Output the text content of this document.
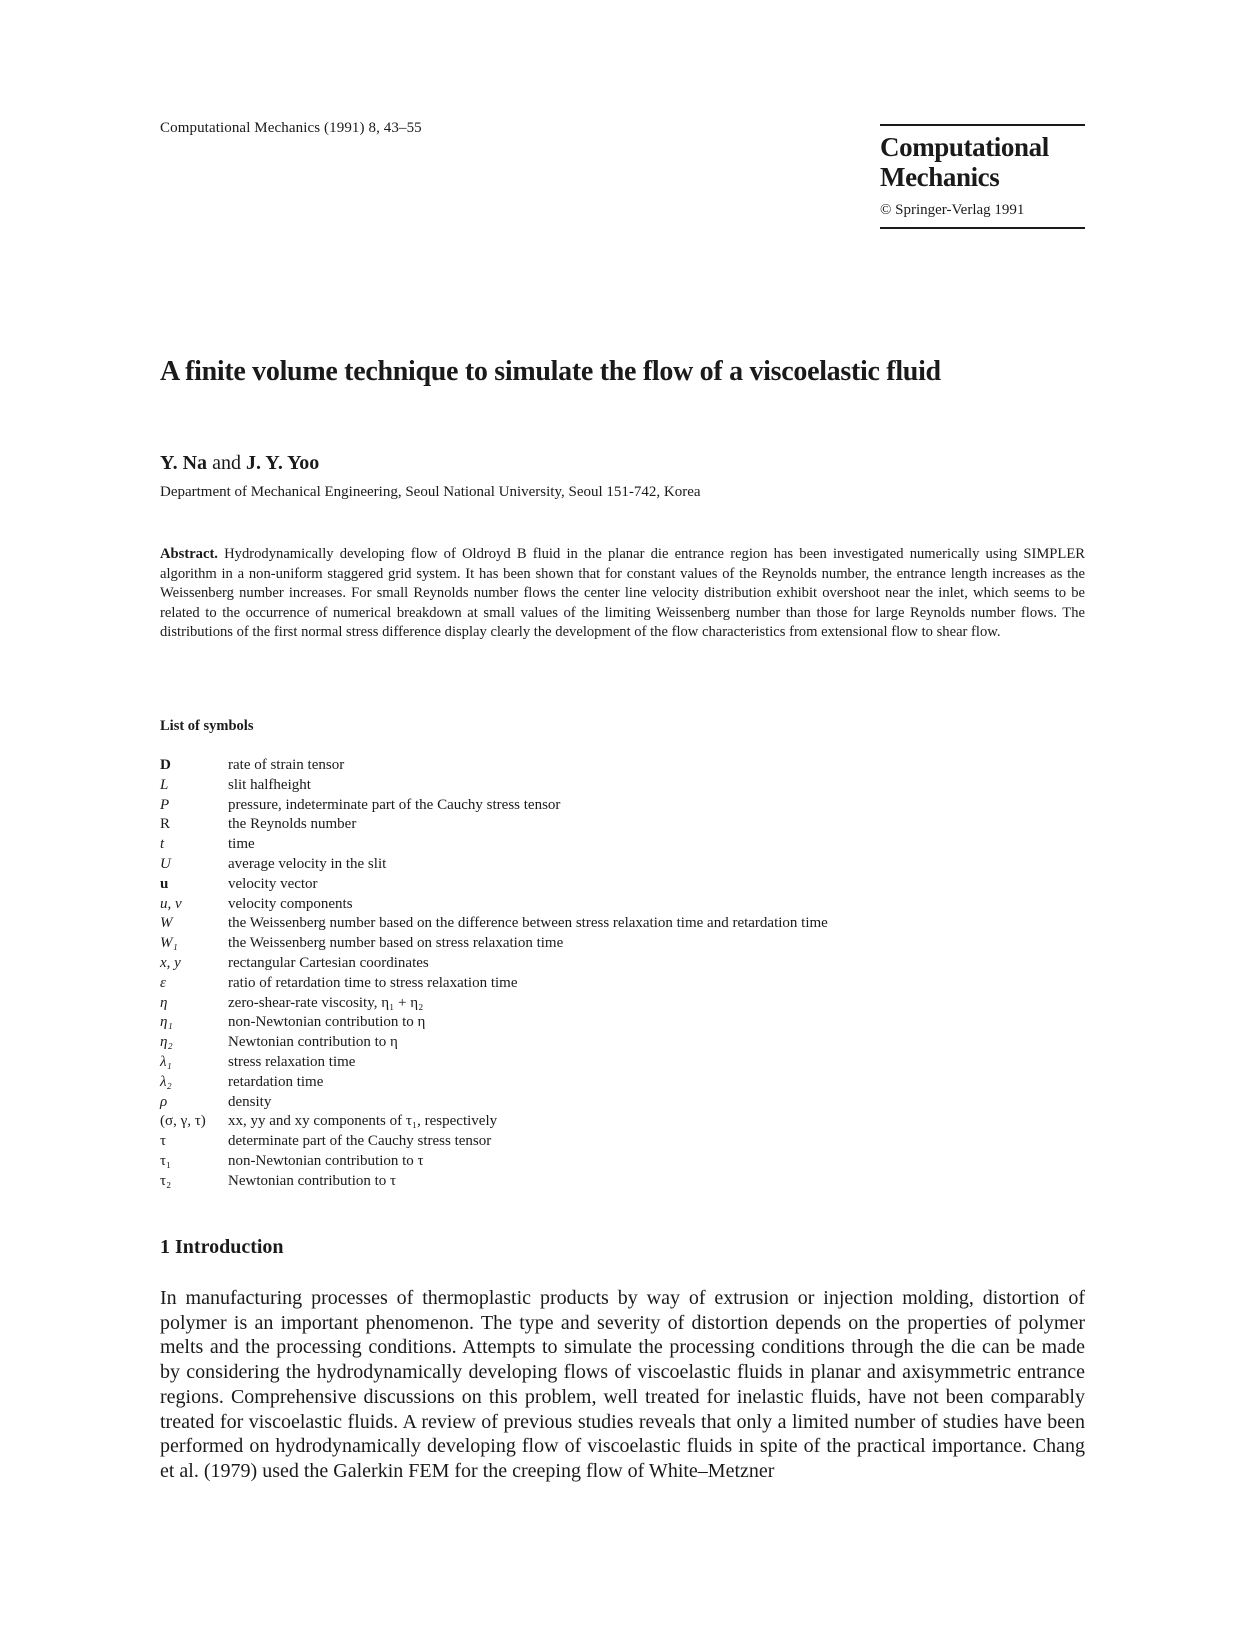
Computational Mechanics (1991) 8, 43–55
Computational
Mechanics
© Springer-Verlag 1991
A finite volume technique to simulate the flow of a viscoelastic fluid
Y. Na and J. Y. Yoo
Department of Mechanical Engineering, Seoul National University, Seoul 151-742, Korea
Abstract. Hydrodynamically developing flow of Oldroyd B fluid in the planar die entrance region has been investigated numerically using SIMPLER algorithm in a non-uniform staggered grid system. It has been shown that for constant values of the Reynolds number, the entrance length increases as the Weissenberg number increases. For small Reynolds number flows the center line velocity distribution exhibit overshoot near the inlet, which seems to be related to the occurrence of numerical breakdown at small values of the limiting Weissenberg number than those for large Reynolds number flows. The distributions of the first normal stress difference display clearly the development of the flow characteristics from extensional flow to shear flow.
List of symbols
D	rate of strain tensor
L	slit halfheight
P	pressure, indeterminate part of the Cauchy stress tensor
R	the Reynolds number
t	time
U	average velocity in the slit
u	velocity vector
u, v	velocity components
W	the Weissenberg number based on the difference between stress relaxation time and retardation time
W₁	the Weissenberg number based on stress relaxation time
x, y	rectangular Cartesian coordinates
ε	ratio of retardation time to stress relaxation time
η	zero-shear-rate viscosity, η₁ + η₂
η₁	non-Newtonian contribution to η
η₂	Newtonian contribution to η
λ₁	stress relaxation time
λ₂	retardation time
ρ	density
(σ, γ, τ)	xx, yy and xy components of τ₁, respectively
τ	determinate part of the Cauchy stress tensor
τ₁	non-Newtonian contribution to τ
τ₂	Newtonian contribution to τ
1 Introduction
In manufacturing processes of thermoplastic products by way of extrusion or injection molding, distortion of polymer is an important phenomenon. The type and severity of distortion depends on the properties of polymer melts and the processing conditions. Attempts to simulate the processing conditions through the die can be made by considering the hydrodynamically developing flows of viscoelastic fluids in planar and axisymmetric entrance regions. Comprehensive discussions on this problem, well treated for inelastic fluids, have not been comparably treated for viscoelastic fluids. A review of previous studies reveals that only a limited number of studies have been performed on hydrodynamically developing flow of viscoelastic fluids in spite of the practical importance. Chang et al. (1979) used the Galerkin FEM for the creeping flow of White–Metzner
